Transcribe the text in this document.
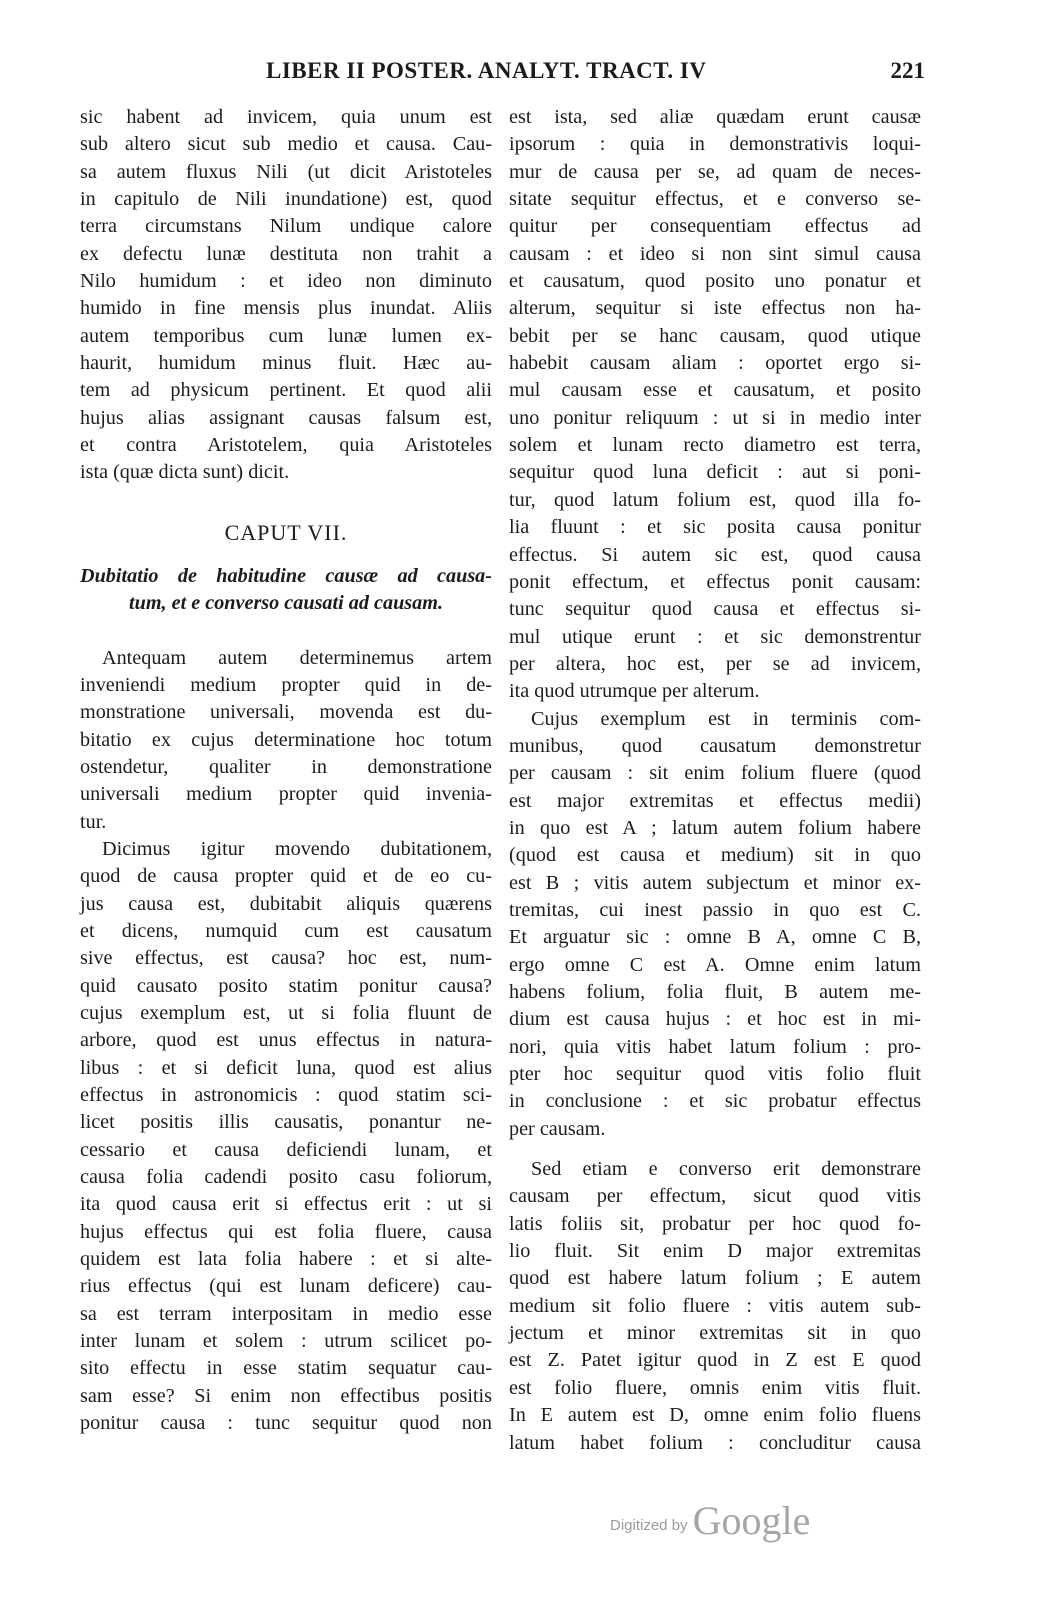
LIBER II POSTER. ANALYT. TRACT. IV	221
sic habent ad invicem, quia unum est
sub altero sicut sub medio et causa. Cau-
sa autem fluxus Nili (ut dicit Aristoteles
in capitulo de Nili inundatione) est, quod
terra circumstans Nilum undique calore
ex defectu lunæ destituta non trahit a
Nilo humidum : et ideo non diminuto
humido in fine mensis plus inundat. Aliis
autem temporibus cum lunæ lumen ex-
haurit, humidum minus fluit. Hæc au-
tem ad physicum pertinent. Et quod alii
hujus alias assignant causas falsum est,
et contra Aristotelem, quia Aristoteles
ista (quæ dicta sunt) dicit.
CAPUT VII.
Dubitatio de habitudine causæ ad causa-
tum, et e converso causati ad causam.
Antequam autem determinemus artem
inveniendi medium propter quid in de-
monstratione universali, movenda est du-
bitatio ex cujus determinatione hoc totum
ostendetur, qualiter in demonstratione
universali medium propter quid invenia-
tur.
Dicimus igitur movendo dubitationem,
quod de causa propter quid et de eo cu-
jus causa est, dubitabit aliquis quærens
et dicens, numquid cum est causatum
sive effectus, est causa? hoc est, num-
quid causato posito statim ponitur causa?
cujus exemplum est, ut si folia fluunt de
arbore, quod est unus effectus in natura-
libus : et si deficit luna, quod est alius
effectus in astronomicis : quod statim sci-
licet positis illis causatis, ponantur ne-
cessario et causa deficiendi lunam, et
causa folia cadendi posito casu foliorum,
ita quod causa erit si effectus erit : ut si
hujus effectus qui est folia fluere, causa
quidem est lata folia habere : et si alte-
rius effectus (qui est lunam deficere) cau-
sa est terram interpositam in medio esse
inter lunam et solem : utrum scilicet po-
sito effectu in esse statim sequatur cau-
sam esse? Si enim non effectibus positis
ponitur causa : tunc sequitur quod non
est ista, sed aliæ quædam erunt causæ
ipsorum : quia in demonstrativis loqui-
mur de causa per se, ad quam de neces-
sitate sequitur effectus, et e converso se-
quitur per consequentiam effectus ad
causam : et ideo si non sint simul causa
et causatum, quod posito uno ponatur et
alterum, sequitur si iste effectus non ha-
bebit per se hanc causam, quod utique
habebit causam aliam : oportet ergo si-
mul causam esse et causatum, et posito
uno ponitur reliquum : ut si in medio inter
solem et lunam recto diametro est terra,
sequitur quod luna deficit : aut si poni-
tur, quod latum folium est, quod illa fo-
lia fluunt : et sic posita causa ponitur
effectus. Si autem sic est, quod causa
ponit effectum, et effectus ponit causam:
tunc sequitur quod causa et effectus si-
mul utique erunt : et sic demonstrentur
per altera, hoc est, per se ad invicem,
ita quod utrumque per alterum.
Cujus exemplum est in terminis com-
munibus, quod causatum demonstretur
per causam : sit enim folium fluere (quod
est major extremitas et effectus medii)
in quo est A ; latum autem folium habere
(quod est causa et medium) sit in quo
est B ; vitis autem subjectum et minor ex-
tremitas, cui inest passio in quo est C.
Et arguatur sic : omne B A, omne C B,
ergo omne C est A. Omne enim latum
habens folium, folia fluit, B autem me-
dium est causa hujus : et hoc est in mi-
nori, quia vitis habet latum folium : pro-
pter hoc sequitur quod vitis folio fluit
in conclusione : et sic probatur effectus
per causam.
Sed etiam e converso erit demonstrare
causam per effectum, sicut quod vitis
latis foliis sit, probatur per hoc quod fo-
lio fluit. Sit enim D major extremitas
quod est habere latum folium ; E autem
medium sit folio fluere : vitis autem sub-
jectum et minor extremitas sit in quo
est Z. Patet igitur quod in Z est E quod
est folio fluere, omnis enim vitis fluit.
In E autem est D, omne enim folio fluens
latum habet folium : concluditur causa
Digitized by Google
